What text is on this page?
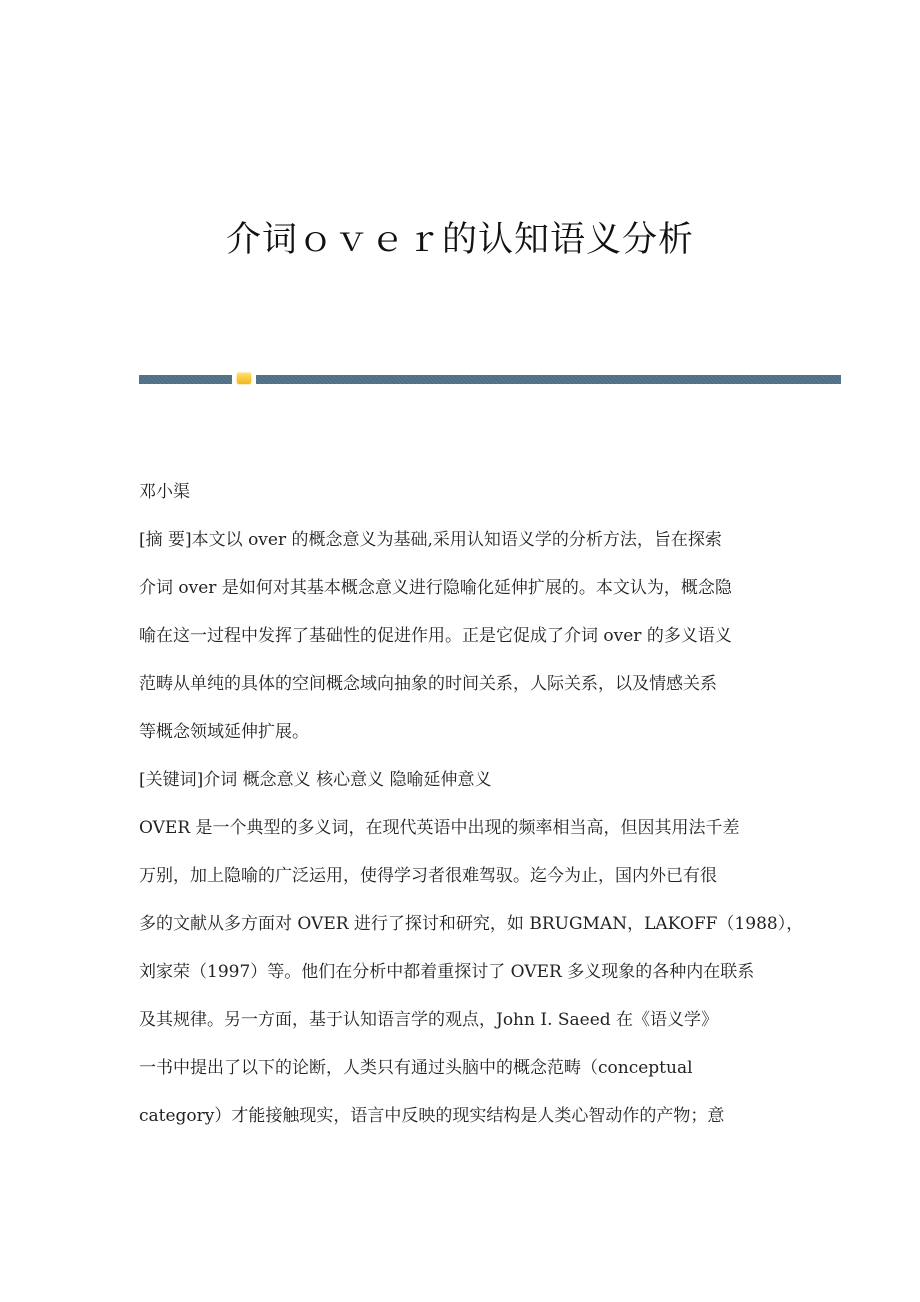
介词ｏｖｅｒ的认知语义分析
邓小渠
[摘 要]本文以 over 的概念意义为基础,采用认知语义学的分析方法，旨在探索
介词 over 是如何对其基本概念意义进行隐喻化延伸扩展的。本文认为，概念隐
喻在这一过程中发挥了基础性的促进作用。正是它促成了介词 over 的多义语义
范畴从单纯的具体的空间概念域向抽象的时间关系，人际关系，以及情感关系
等概念领域延伸扩展。
[关键词]介词 概念意义 核心意义 隐喻延伸意义
OVER 是一个典型的多义词，在现代英语中出现的频率相当高，但因其用法千差
万别，加上隐喻的广泛运用，使得学习者很难驾驭。迄今为止，国内外已有很
多的文献从多方面对 OVER 进行了探讨和研究，如 BRUGMAN，LAKOFF（1988），
刘家荣（1997）等。他们在分析中都着重探讨了 OVER 多义现象的各种内在联系
及其规律。另一方面，基于认知语言学的观点，John I. Saeed 在《语义学》
一书中提出了以下的论断，人类只有通过头脑中的概念范畴（conceptual
category）才能接触现实，语言中反映的现实结构是人类心智动作的产物；意
